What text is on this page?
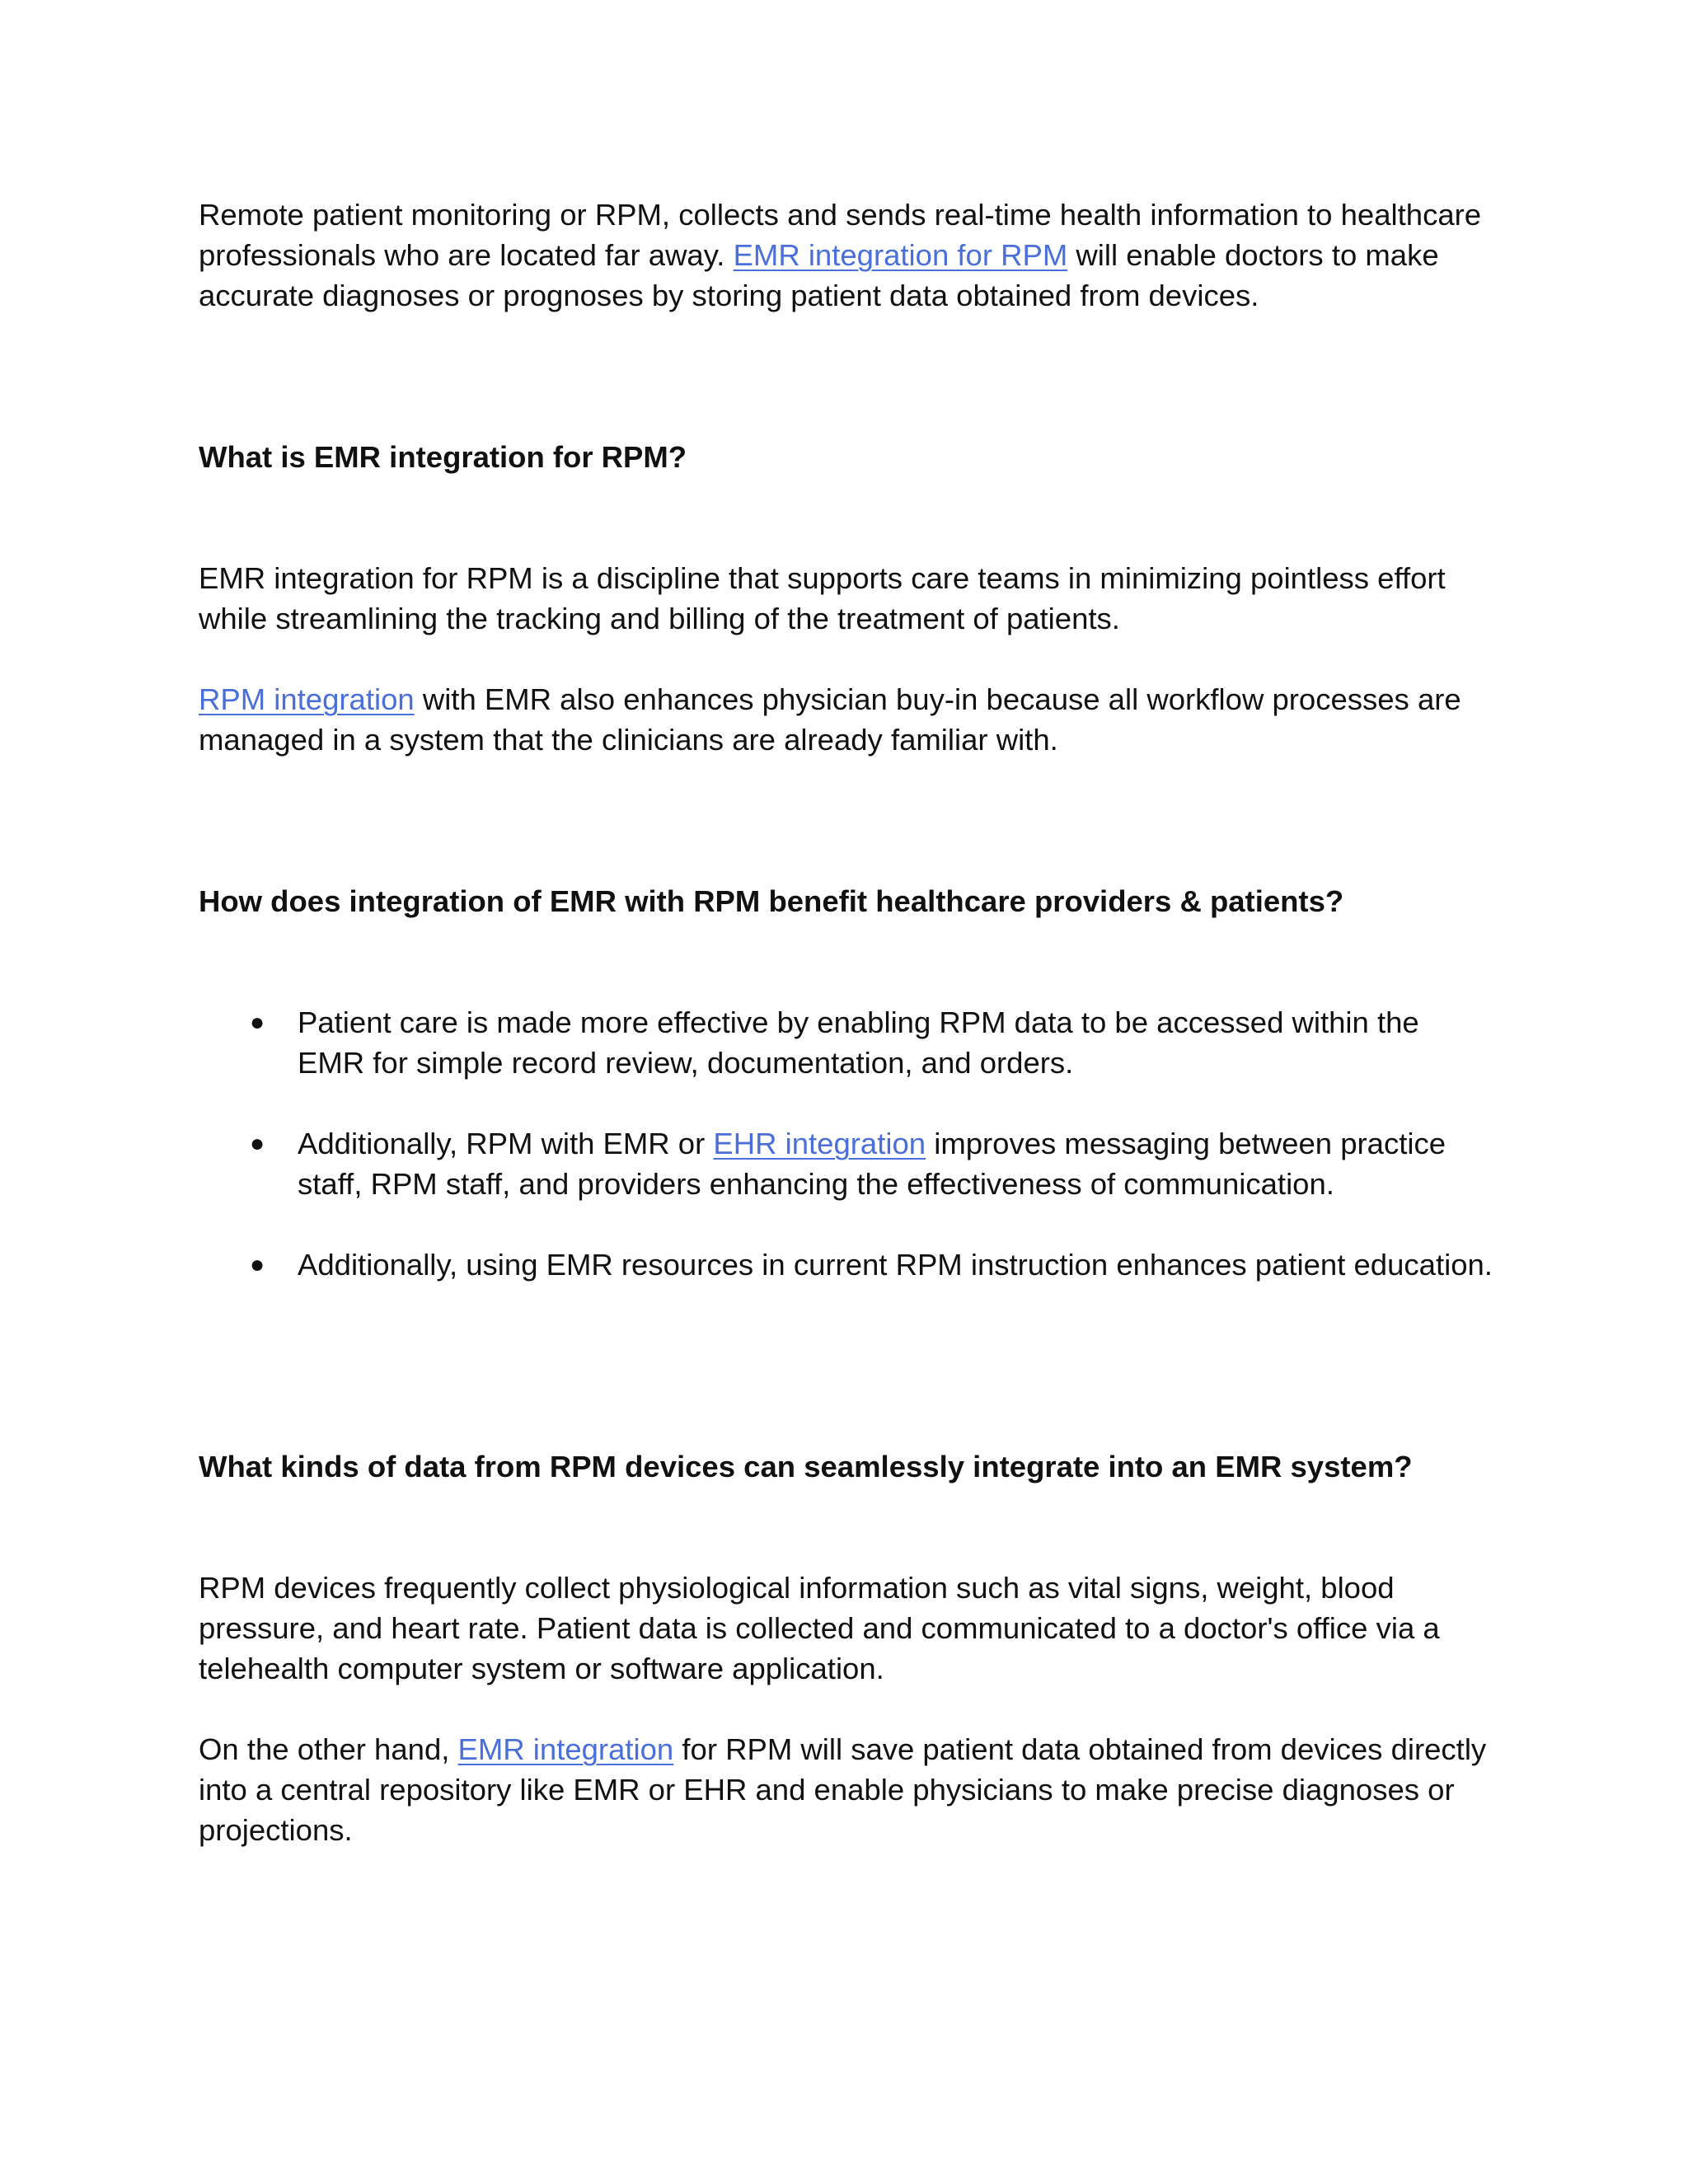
Remote patient monitoring or RPM, collects and sends real-time health information to healthcare professionals who are located far away. EMR integration for RPM will enable doctors to make accurate diagnoses or prognoses by storing patient data obtained from devices.

What is EMR integration for RPM?

EMR integration for RPM is a discipline that supports care teams in minimizing pointless effort while streamlining the tracking and billing of the treatment of patients.

RPM integration with EMR also enhances physician buy-in because all workflow processes are managed in a system that the clinicians are already familiar with.

How does integration of EMR with RPM benefit healthcare providers & patients?
● Patient care is made more effective by enabling RPM data to be accessed within the EMR for simple record review, documentation, and orders.
● Additionally, RPM with EMR or EHR integration improves messaging between practice staff, RPM staff, and providers enhancing the effectiveness of communication.
● Additionally, using EMR resources in current RPM instruction enhances patient education.
What kinds of data from RPM devices can seamlessly integrate into an EMR system?

RPM devices frequently collect physiological information such as vital signs, weight, blood pressure, and heart rate. Patient data is collected and communicated to a doctor's office via a telehealth computer system or software application.

On the other hand, EMR integration for RPM will save patient data obtained from devices directly into a central repository like EMR or EHR and enable physicians to make precise diagnoses or projections.
